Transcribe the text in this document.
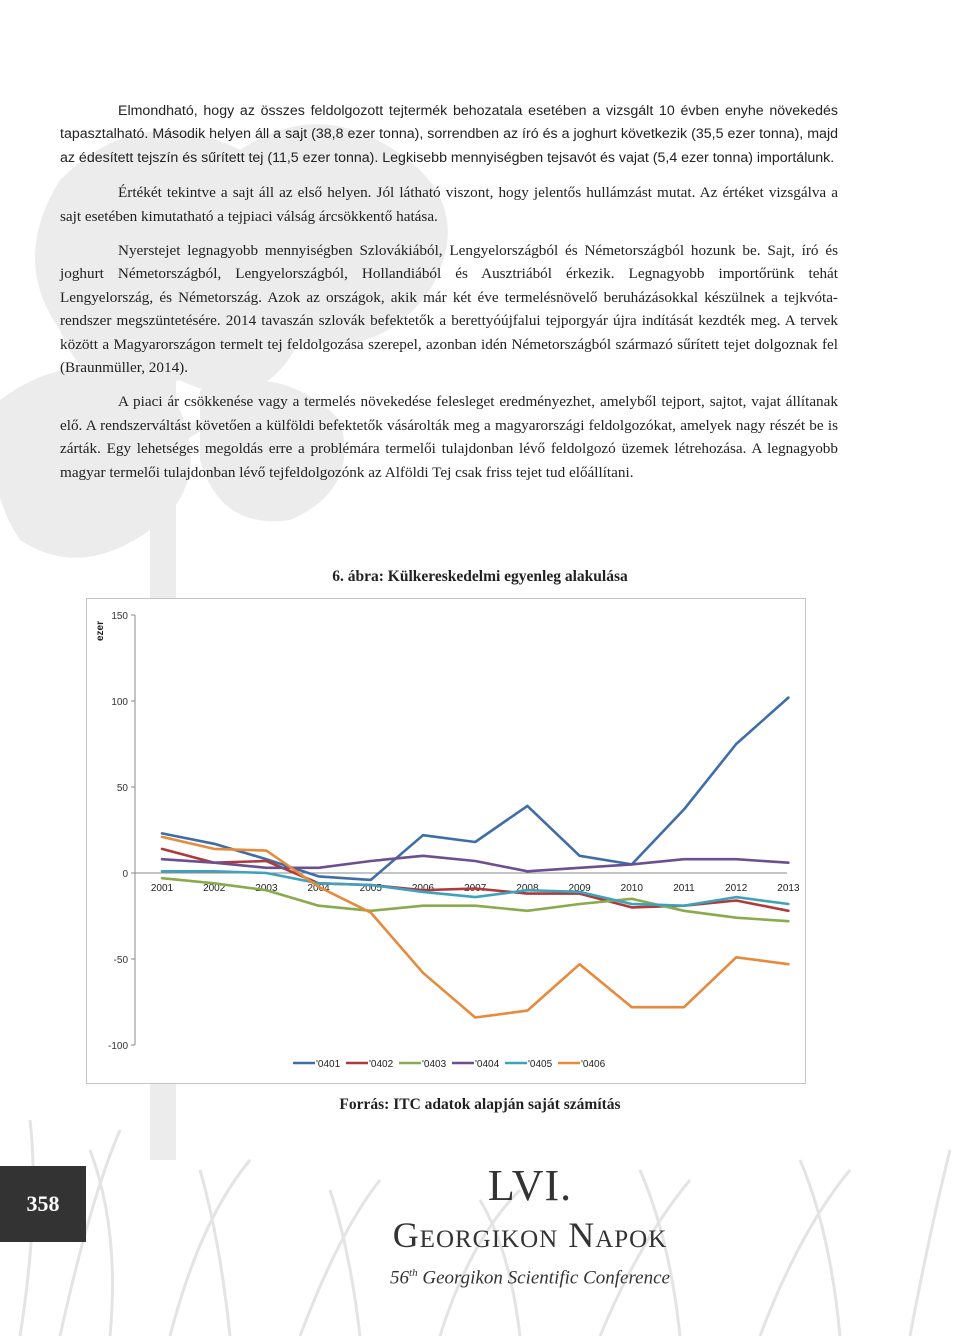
Elmondható, hogy az összes feldolgozott tejtermék behozatala esetében a vizsgált 10 évben enyhe növekedés tapasztalható. Második helyen áll a sajt (38,8 ezer tonna), sorrendben az író és a joghurt következik (35,5 ezer tonna), majd az édesített tejszín és sűrített tej (11,5 ezer tonna). Legkisebb mennyiségben tejsavót és vajat (5,4 ezer tonna) importálunk.

Értékét tekintve a sajt áll az első helyen. Jól látható viszont, hogy jelentős hullámzást mutat. Az értéket vizsgálva a sajt esetében kimutatható a tejpiaci válság árcsökkentő hatása.

Nyerstejet legnagyobb mennyiségben Szlovákiából, Lengyelországból és Németországból hozunk be. Sajt, író és joghurt Németországból, Lengyelországból, Hollandiából és Ausztriából érkezik. Legnagyobb importőrünk tehát Lengyelország, és Németország. Azok az országok, akik már két éve termelésnövelő beruházásokkal készülnek a tejkvóta-rendszer megszüntetésére. 2014 tavaszán szlovák befektetők a berettyóújfalui tejporgyár újra indítását kezdték meg. A tervek között a Magyarországon termelt tej feldolgozása szerepel, azonban idén Németországból származó sűrített tejet dolgoznak fel (Braunmüller, 2014).

A piaci ár csökkenése vagy a termelés növekedése felesleget eredményezhet, amelyből tejport, sajtot, vajat állítanak elő. A rendszerváltást követően a külföldi befektetők vásárolták meg a magyarországi feldolgozókat, amelyek nagy részét be is zárták. Egy lehetséges megoldás erre a problémára termelői tulajdonban lévő feldolgozó üzemek létrehozása. A legnagyobb magyar termelői tulajdonban lévő tejfeldolgozónk az Alföldi Tej csak friss tejet tud előállítani.

6. ábra: Külkereskedelmi egyenleg alakulása
150
100
50
0
-50
-100
2001	2002	2003	2004	2005	2006	2007	2008	2009	2010	2011	2012	2013
ezer
'0401	'0402	'0403	'0404	'0405	'0406
Forrás: ITC adatok alapján saját számítás
358	LVI.
Georgikon Napok
56th Georgikon Scientific Conference
